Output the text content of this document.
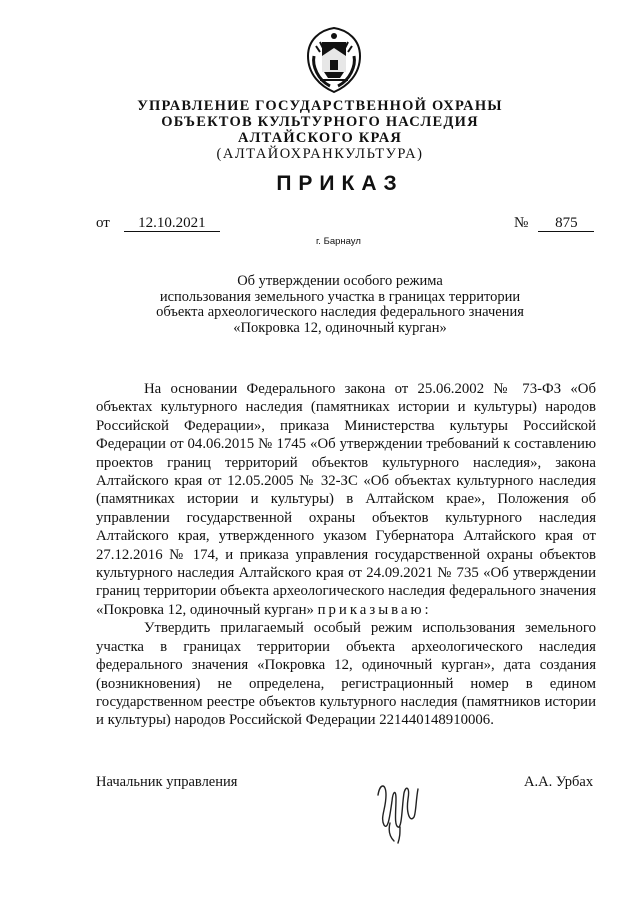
УПРАВЛЕНИЕ ГОСУДАРСТВЕННОЙ ОХРАНЫ
ОБЪЕКТОВ КУЛЬТУРНОГО НАСЛЕДИЯ
АЛТАЙСКОГО КРАЯ
(АЛТАЙОХРАНКУЛЬТУРА)
ПРИКАЗ
от 12.10.2021	№ 875
г. Барнаул
Об утверждении особого режима
использования земельного участка в границах территории
объекта археологического наследия федерального значения
«Покровка 12, одиночный курган»

На основании Федерального закона от 25.06.2002 № 73-ФЗ «Об объектах культурного наследия (памятниках истории и культуры) народов Российской Федерации», приказа Министерства культуры Российской Федерации от 04.06.2015 № 1745 «Об утверждении требований к составлению проектов границ территорий объектов культурного наследия», закона Алтайского края от 12.05.2005 № 32-ЗС «Об объектах культурного наследия (памятниках истории и культуры) в Алтайском крае», Положения об управлении государственной охраны объектов культурного наследия Алтайского края, утвержденного указом Губернатора Алтайского края от 27.12.2016 № 174, и приказа управления государственной охраны объектов культурного наследия Алтайского края от 24.09.2021 № 735 «Об утверждении границ территории объекта археологического наследия федерального значения «Покровка 12, одиночный курган» приказываю:

Утвердить прилагаемый особый режим использования земельного участка в границах территории объекта археологического наследия федерального значения «Покровка 12, одиночный курган», дата создания (возникновения) не определена, регистрационный номер в едином государственном реестре объектов культурного наследия (памятников истории и культуры) народов Российской Федерации 221440148910006.

Начальник управления	А.А. Урбах
